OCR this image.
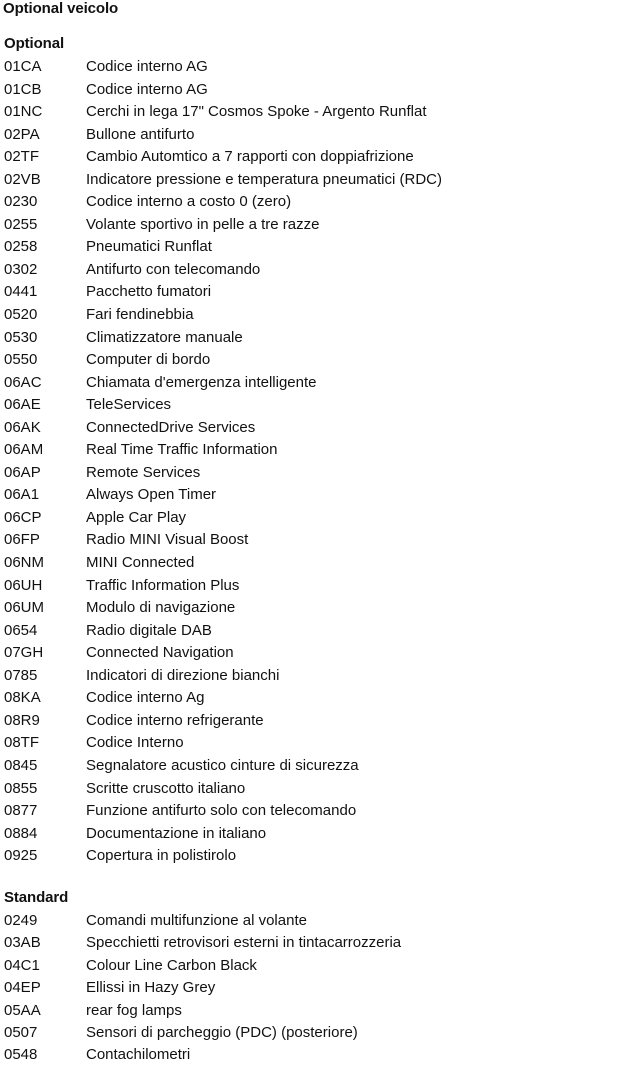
Optional veicolo
Optional
01CA	Codice interno AG
01CB	Codice interno AG
01NC	Cerchi in lega 17" Cosmos Spoke - Argento Runflat
02PA	Bullone antifurto
02TF	Cambio Automtico a 7 rapporti con doppiafrizione
02VB	Indicatore pressione e temperatura pneumatici (RDC)
0230	Codice interno a costo 0 (zero)
0255	Volante sportivo in pelle a tre razze
0258	Pneumatici Runflat
0302	Antifurto con telecomando
0441	Pacchetto fumatori
0520	Fari fendinebbia
0530	Climatizzatore manuale
0550	Computer di bordo
06AC	Chiamata d'emergenza intelligente
06AE	TeleServices
06AK	ConnectedDrive Services
06AM	Real Time Traffic Information
06AP	Remote Services
06A1	Always Open Timer
06CP	Apple Car Play
06FP	Radio MINI Visual Boost
06NM	MINI Connected
06UH	Traffic Information Plus
06UM	Modulo di navigazione
0654	Radio digitale DAB
07GH	Connected Navigation
0785	Indicatori di direzione bianchi
08KA	Codice interno Ag
08R9	Codice interno refrigerante
08TF	Codice Interno
0845	Segnalatore acustico cinture di sicurezza
0855	Scritte cruscotto italiano
0877	Funzione antifurto solo con telecomando
0884	Documentazione in italiano
0925	Copertura in polistirolo
Standard
0249	Comandi multifunzione al volante
03AB	Specchietti retrovisori esterni in tintacarrozzeria
04C1	Colour Line Carbon Black
04EP	Ellissi in Hazy Grey
05AA	rear fog lamps
0507	Sensori di parcheggio (PDC) (posteriore)
0548	Contachilometri
